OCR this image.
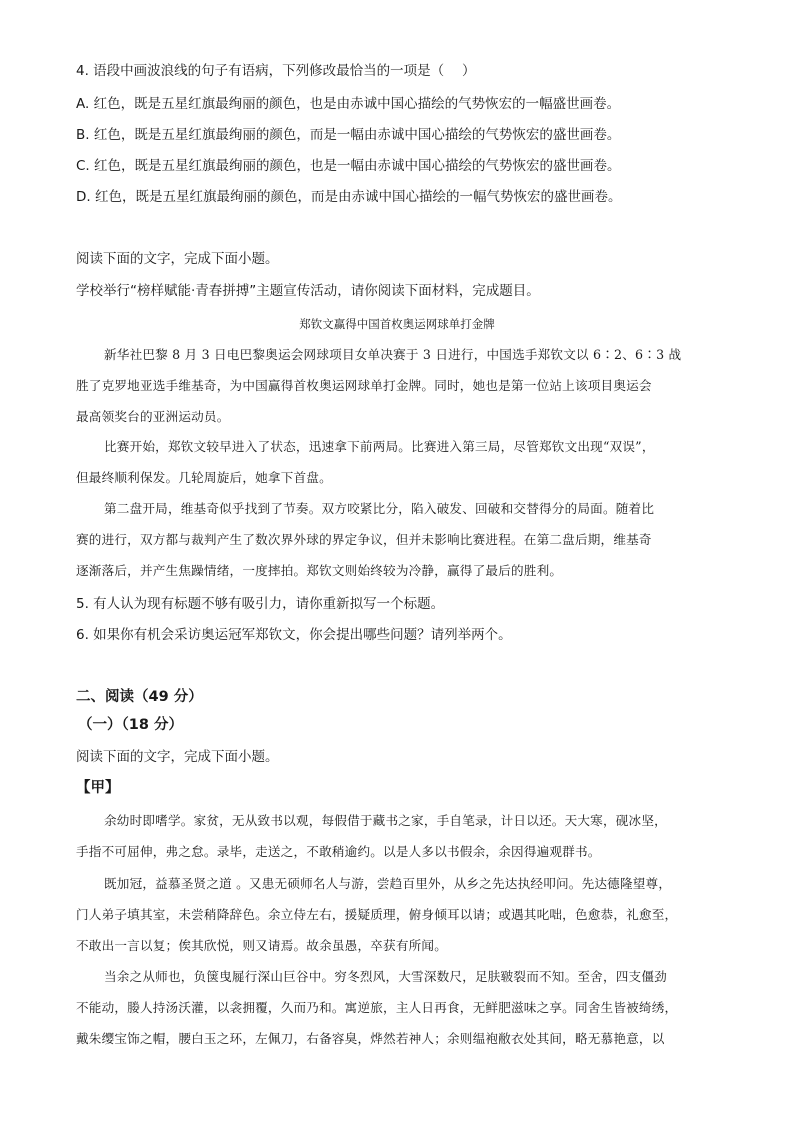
4. 语段中画波浪线的句子有语病，下列修改最恰当的一项是（　 ）
A. 红色，既是五星红旗最绚丽的颜色，也是由赤诚中国心描绘的气势恢宏的一幅盛世画卷。
B. 红色，既是五星红旗最绚丽的颜色，而是一幅由赤诚中国心描绘的气势恢宏的盛世画卷。
C. 红色，既是五星红旗最绚丽的颜色，也是一幅由赤诚中国心描绘的气势恢宏的盛世画卷。
D. 红色，既是五星红旗最绚丽的颜色，而是由赤诚中国心描绘的一幅气势恢宏的盛世画卷。
阅读下面的文字，完成下面小题。
学校举行“榜样赋能·青春拼搏”主题宣传活动，请你阅读下面材料，完成题目。
郑钦文赢得中国首枚奥运网球单打金牌
新华社巴黎 8 月 3 日电巴黎奥运会网球项目女单决赛于 3 日进行，中国选手郑钦文以 6∶2、6∶3 战
胜了克罗地亚选手维基奇，为中国赢得首枚奥运网球单打金牌。同时，她也是第一位站上该项目奥运会
最高领奖台的亚洲运动员。
比赛开始，郑钦文较早进入了状态，迅速拿下前两局。比赛进入第三局，尽管郑钦文出现“双误”，
但最终顺利保发。几轮周旋后，她拿下首盘。
第二盘开局，维基奇似乎找到了节奏。双方咬紧比分，陷入破发、回破和交替得分的局面。随着比
赛的进行，双方都与裁判产生了数次界外球的界定争议，但并未影响比赛进程。在第二盘后期，维基奇
逐渐落后，并产生焦躁情绪，一度摔拍。郑钦文则始终较为冷静，赢得了最后的胜利。
5. 有人认为现有标题不够有吸引力，请你重新拟写一个标题。
6. 如果你有机会采访奥运冠军郑钦文，你会提出哪些问题？请列举两个。
二、阅读（49 分）
（一）（18 分）
阅读下面的文字，完成下面小题。
【甲】
余幼时即嗜学。家贫，无从致书以观，每假借于藏书之家，手自笔录，计日以还。天大寒，砚冰坚，
手指不可屈伸，弗之怠。录毕，走送之，不敢稍逾约。以是人多以书假余，余因得遍观群书。
既加冠，益慕圣贤之道 。又患无硕师名人与游，尝趋百里外，从乡之先达执经叩问。先达德隆望尊，
门人弟子填其室，未尝稍降辞色。余立侍左右，援疑质理，俯身倾耳以请；或遇其叱咄，色愈恭，礼愈至，
不敢出一言以复；俟其欣悦，则又请焉。故余虽愚，卒获有所闻。
当余之从师也，负箧曳屣行深山巨谷中。穷冬烈风，大雪深数尺，足肤皲裂而不知。至舍，四支僵劲
不能动，媵人持汤沃灌，以衾拥覆，久而乃和。寓逆旅，主人日再食，无鲜肥滋味之享。同舍生皆被绮绣，
戴朱缨宝饰之帽，腰白玉之环，左佩刀，右备容臭，烨然若神人；余则缊袍敝衣处其间，略无慕艳意，以
